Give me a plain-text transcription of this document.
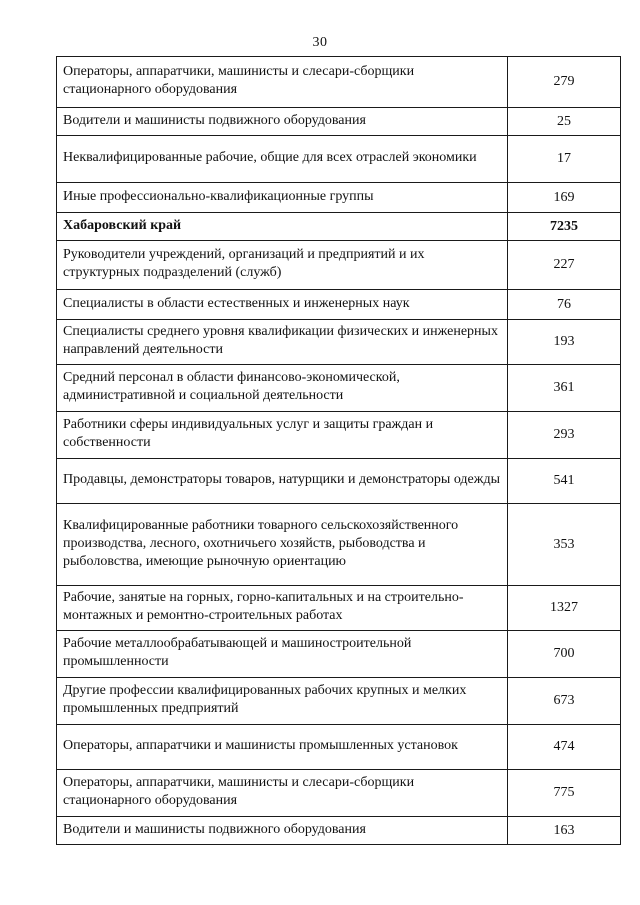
30
Операторы, аппаратчики, машинисты и слесари-сборщики стационарного оборудования	279
Водители и машинисты подвижного оборудования	25
Неквалифицированные рабочие, общие для всех отраслей экономики	17
Иные профессионально-квалификационные группы	169
Хабаровский край	7235
Руководители учреждений, организаций и предприятий и их структурных подразделений (служб)	227
Специалисты в области естественных и инженерных наук	76
Специалисты среднего уровня квалификации физических и инженерных направлений деятельности	193
Средний персонал в области финансово-экономической, административной и социальной деятельности	361
Работники сферы индивидуальных услуг и защиты граждан и собственности	293
Продавцы, демонстраторы товаров, натурщики и демонстраторы одежды	541
Квалифицированные работники товарного сельскохозяйственного производства, лесного, охотничьего хозяйств, рыбоводства и рыболовства, имеющие рыночную ориентацию	353
Рабочие, занятые на горных, горно-капитальных и на строительно-монтажных и ремонтно-строительных работах	1327
Рабочие металлообрабатывающей и машиностроительной промышленности	700
Другие профессии квалифицированных рабочих крупных и мелких промышленных предприятий	673
Операторы, аппаратчики и машинисты промышленных установок	474
Операторы, аппаратчики, машинисты и слесари-сборщики стационарного оборудования	775
Водители и машинисты подвижного оборудования	163
